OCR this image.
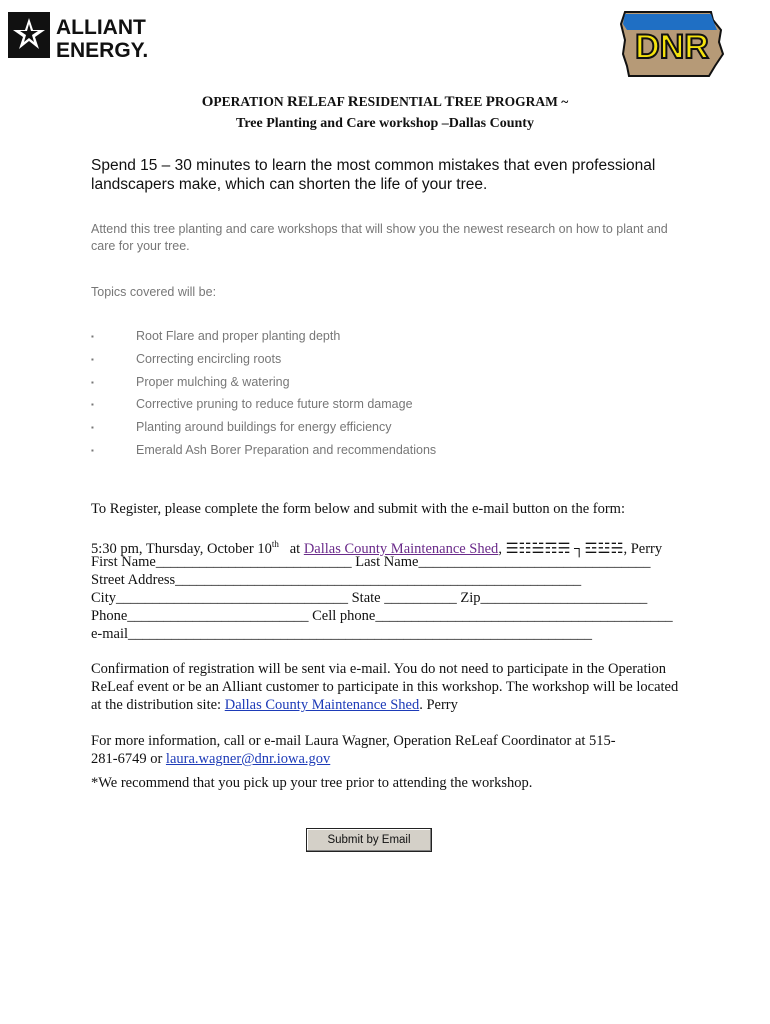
ALLIANT
ENERGY.	DNR
OPERATION RELEAF RESIDENTIAL TREE PROGRAM ~
Tree Planting and Care workshop –Dallas County
Spend 15 – 30 minutes to learn the most common mistakes that even professional landscapers make, which can shorten the life of your tree.
Attend this tree planting and care workshops that will show you the newest research on how to plant and care for your tree.
Topics covered will be:
▪	Root Flare and proper planting depth
▪	Correcting encircling roots
▪	Proper mulching & watering
▪	Corrective pruning to reduce future storm damage
▪	Planting around buildings for energy efficiency
▪	Emerald Ash Borer Preparation and recommendations
To Register, please complete the form below and submit with the e-mail button on the form:
5:30 pm, Thursday, October 10th at Dallas County Maintenance Shed, ☰☷☱☶☴ ┐☲☳☵, Perry
First Name___________________________ Last Name________________________________
Street Address________________________________________________________
City________________________________ State __________ Zip_______________________
Phone_________________________ Cell phone_________________________________________
e-mail________________________________________________________________
Confirmation of registration will be sent via e-mail. You do not need to participate in the Operation ReLeaf event or be an Alliant customer to participate in this workshop. The workshop will be located at the distribution site: Dallas County Maintenance Shed. Perry
For more information, call or e-mail Laura Wagner, Operation ReLeaf Coordinator at 515-281-6749 or laura.wagner@dnr.iowa.gov
*We recommend that you pick up your tree prior to attending the workshop.
Submit by Email
